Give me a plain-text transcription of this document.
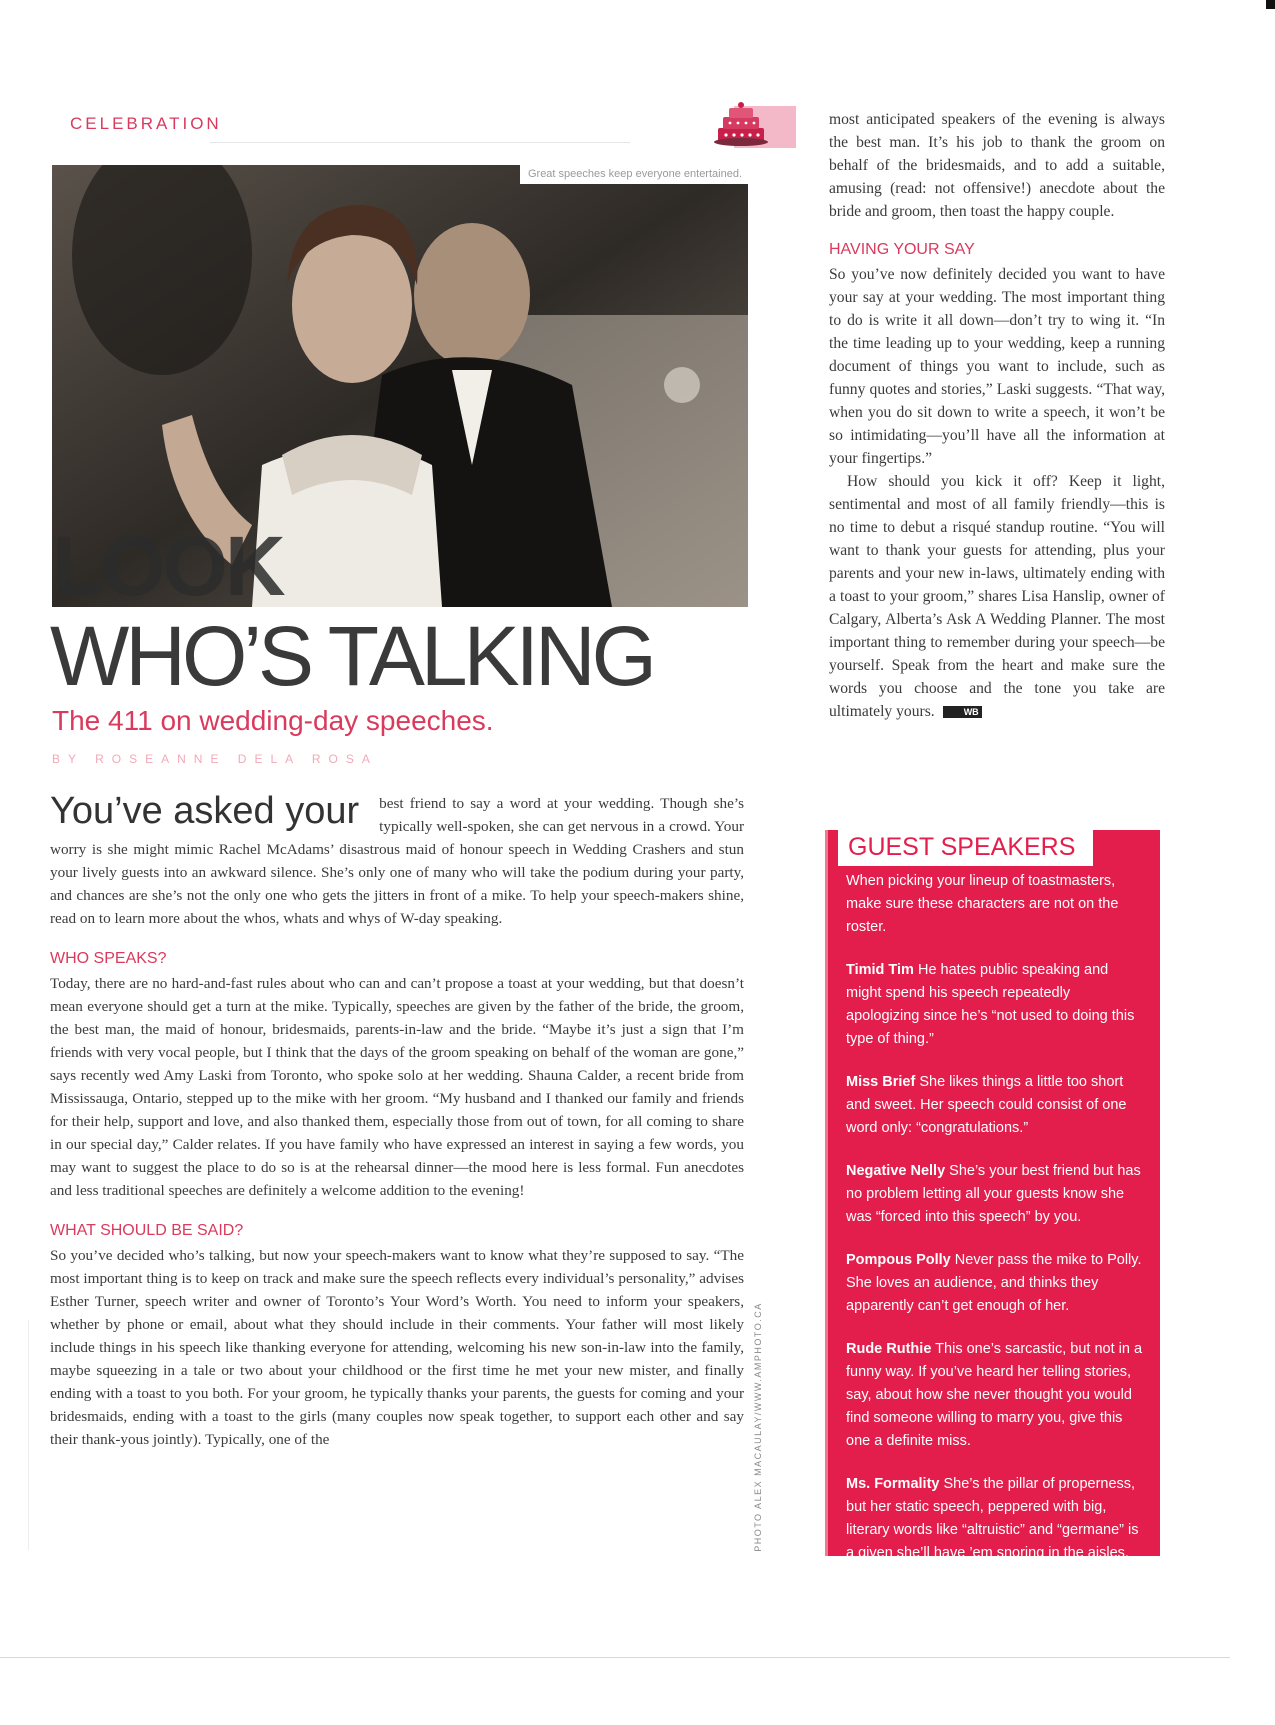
CELEBRATION
Great speeches keep everyone entertained.
LOOK
WHO’S TALKING
The 411 on wedding-day speeches.
BY ROSEANNE DELA ROSA

You’ve asked your best friend to say a word at your wedding. Though she’s typically well-spoken, she can get nervous in a crowd. Your worry is she might mimic Rachel McAdams’ disastrous maid of honour speech in Wedding Crashers and stun your lively guests into an awkward silence. She’s only one of many who will take the podium during your party, and chances are she’s not the only one who gets the jitters in front of a mike. To help your speech-makers shine, read on to learn more about the whos, whats and whys of W-day speaking.

WHO SPEAKS?

Today, there are no hard-and-fast rules about who can and can’t propose a toast at your wedding, but that doesn’t mean everyone should get a turn at the mike. Typically, speeches are given by the father of the bride, the groom, the best man, the maid of honour, bridesmaids, parents-in-law and the bride. “Maybe it’s just a sign that I’m friends with very vocal people, but I think that the days of the groom speaking on behalf of the woman are gone,” says recently wed Amy Laski from Toronto, who spoke solo at her wedding. Shauna Calder, a recent bride from Mississauga, Ontario, stepped up to the mike with her groom. “My husband and I thanked our family and friends for their help, support and love, and also thanked them, especially those from out of town, for all coming to share in our special day,” Calder relates. If you have family who have expressed an interest in saying a few words, you may want to suggest the place to do so is at the rehearsal dinner—the mood here is less formal. Fun anecdotes and less traditional speeches are definitely a welcome addition to the evening!

WHAT SHOULD BE SAID?

So you’ve decided who’s talking, but now your speech-makers want to know what they’re supposed to say. “The most important thing is to keep on track and make sure the speech reflects every individual’s personality,” advises Esther Turner, speech writer and owner of Toronto’s Your Word’s Worth. You need to inform your speakers, whether by phone or email, about what they should include in their comments. Your father will most likely include things in his speech like thanking everyone for attending, welcoming his new son-in-law into the family, maybe squeezing in a tale or two about your childhood or the first time he met your new mister, and finally ending with a toast to you both. For your groom, he typically thanks your parents, the guests for coming and your bridesmaids, ending with a toast to the girls (many couples now speak together, to support each other and say their thank-yous jointly). Typically, one of the	PHOTO ALEX MACAULAY/WWW.AMPHOTO.CA

most anticipated speakers of the evening is always the best man. It’s his job to thank the groom on behalf of the bridesmaids, and to add a suitable, amusing (read: not offensive!) anecdote about the bride and groom, then toast the happy couple.

HAVING YOUR SAY

So you’ve now definitely decided you want to have your say at your wedding. The most important thing to do is write it all down—don’t try to wing it. “In the time leading up to your wedding, keep a running document of things you want to include, such as funny quotes and stories,” Laski suggests. “That way, when you do sit down to write a speech, it won’t be so intimidating—you’ll have all the information at your fingertips.”

How should you kick it off? Keep it light, sentimental and most of all family friendly—this is no time to debut a risqué standup routine. “You will want to thank your guests for attending, plus your parents and your new in-laws, ultimately ending with a toast to your groom,” shares Lisa Hanslip, owner of Calgary, Alberta’s Ask A Wedding Planner. The most important thing to remember during your speech—be yourself. Speak from the heart and make sure the words you choose and the tone you take are ultimately yours.	WB

GUEST SPEAKERS

When picking your lineup of toastmasters, make sure these characters are not on the roster.

Timid Tim He hates public speaking and might spend his speech repeatedly apologizing since he’s “not used to doing this type of thing.”

Miss Brief She likes things a little too short and sweet. Her speech could consist of one word only: “congratulations.”

Negative Nelly She’s your best friend but has no problem letting all your guests know she was “forced into this speech” by you.

Pompous Polly Never pass the mike to Polly. She loves an audience, and thinks they apparently can’t get enough of her.

Rude Ruthie This one’s sarcastic, but not in a funny way. If you’ve heard her telling stories, say, about how she never thought you would find someone willing to marry you, give this one a definite miss.

Ms. Formality She’s the pillar of properness, but her static speech, peppered with big, literary words like “altruistic” and “germane” is a given she’ll have ’em snoring in the aisles.
